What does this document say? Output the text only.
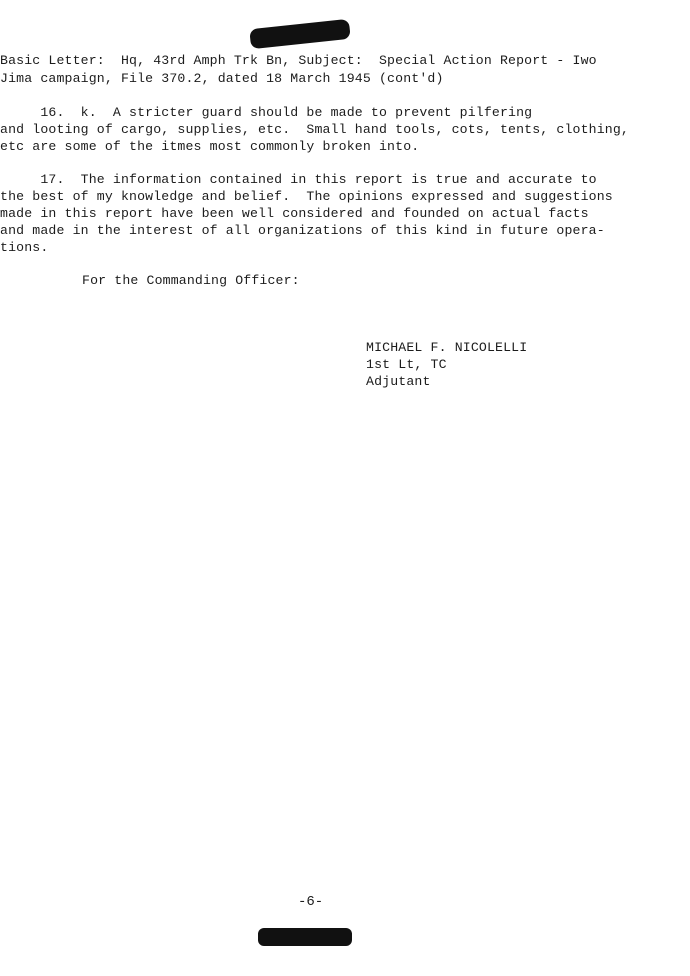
Basic Letter:  Hq, 43rd Amph Trk Bn, Subject:  Special Action Report - Iwo
Jima campaign, File 370.2, dated 18 March 1945 (cont'd)
16.  k.  A stricter guard should be made to prevent pilfering
and looting of cargo, supplies, etc.  Small hand tools, cots, tents, clothing,
etc are some of the itmes most commonly broken into.
17.  The information contained in this report is true and accurate to
the best of my knowledge and belief.  The opinions expressed and suggestions
made in this report have been well considered and founded on actual facts
and made in the interest of all organizations of this kind in future opera-
tions.
For the Commanding Officer:
MICHAEL F. NICOLELLI
1st Lt, TC
Adjutant
-6-
